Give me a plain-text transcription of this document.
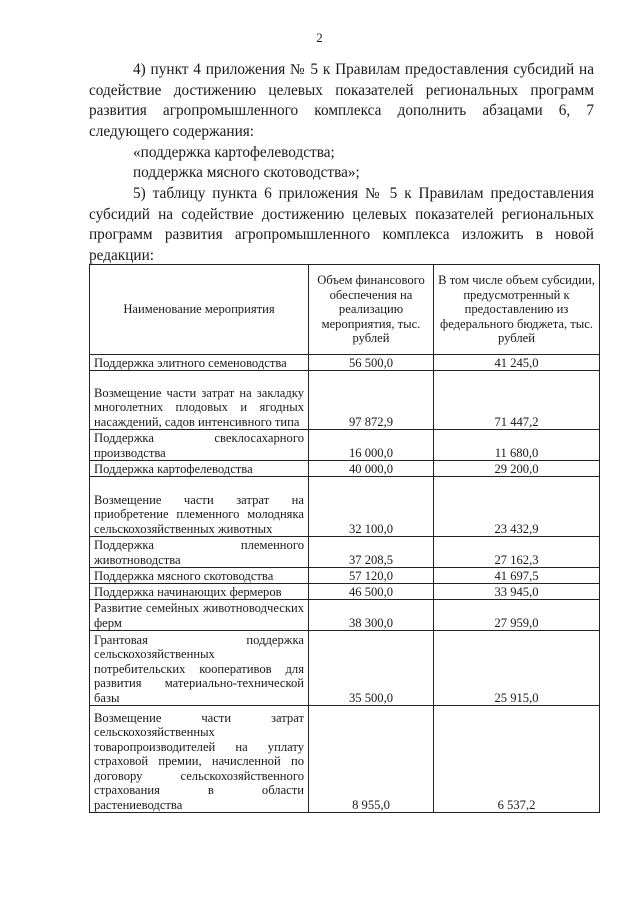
2

4) пункт 4 приложения № 5 к Правилам предоставления субсидий на содействие достижению целевых показателей региональных программ развития агропромышленного комплекса дополнить абзацами 6, 7 следующего содержания:

«поддержка картофелеводства;

поддержка мясного скотоводства»;

5) таблицу пункта 6 приложения № 5 к Правилам предоставления субсидий на содействие достижению целевых показателей региональных программ развития агропромышленного комплекса изложить в новой редакции:

Наименование мероприятия	Объем финансового обеспечения на реализацию мероприятия, тыс. рублей	В том числе объем субсидии, предусмотренный к предоставлению из федерального бюджета, тыс. рублей
Поддержка элитного семеноводства	56 500,0	41 245,0
Возмещение части затрат на закладку многолетних плодовых и ягодных насаждений, садов интенсивного типа	97 872,9	71 447,2
Поддержка свеклосахарного производства	16 000,0	11 680,0
Поддержка картофелеводства	40 000,0	29 200,0
Возмещение части затрат на приобретение племенного молодняка сельскохозяйственных животных	32 100,0	23 432,9
Поддержка племенного животноводства	37 208,5	27 162,3
Поддержка мясного скотоводства	57 120,0	41 697,5
Поддержка начинающих фермеров	46 500,0	33 945,0
Развитие семейных животноводческих ферм	38 300,0	27 959,0
Грантовая поддержка сельскохозяйственных потребительских кооперативов для развития материально-технической базы	35 500,0	25 915,0
Возмещение части затрат сельскохозяйственных товаропроизводителей на уплату страховой премии, начисленной по договору сельскохозяйственного страхования в области растениеводства	8 955,0	6 537,2
